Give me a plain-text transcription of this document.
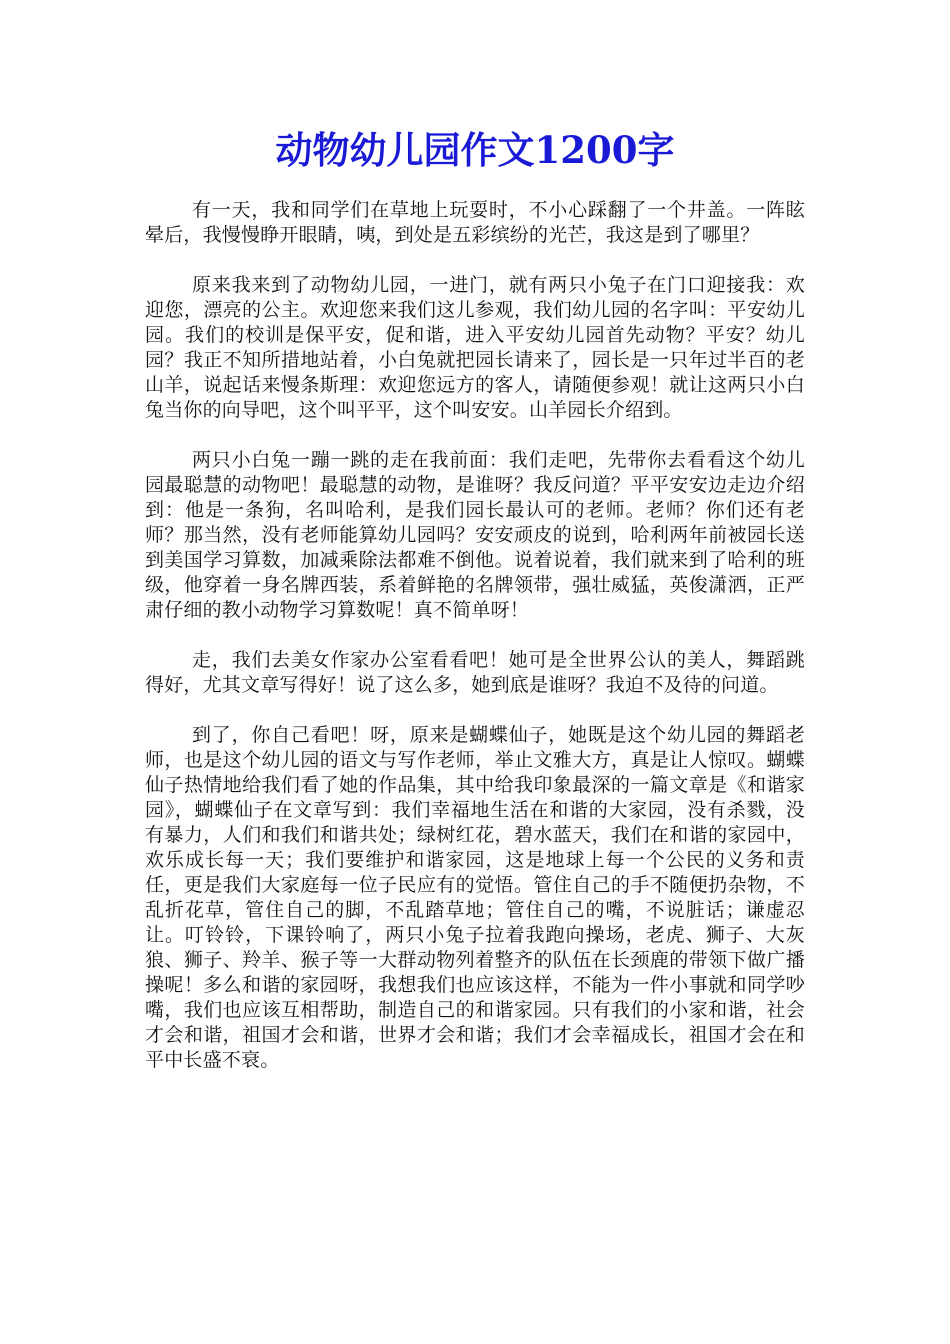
动物幼儿园作文1200字

有一天，我和同学们在草地上玩耍时，不小心踩翻了一个井盖。一阵眩晕后，我慢慢睁开眼睛，咦，到处是五彩缤纷的光芒，我这是到了哪里？

原来我来到了动物幼儿园，一进门，就有两只小兔子在门口迎接我：欢迎您，漂亮的公主。欢迎您来我们这儿参观，我们幼儿园的名字叫：平安幼儿园。我们的校训是保平安，促和谐，进入平安幼儿园首先动物？平安？幼儿园？我正不知所措地站着，小白兔就把园长请来了，园长是一只年过半百的老山羊，说起话来慢条斯理：欢迎您远方的客人，请随便参观！就让这两只小白兔当你的向导吧，这个叫平平，这个叫安安。山羊园长介绍到。

两只小白兔一蹦一跳的走在我前面：我们走吧，先带你去看看这个幼儿园最聪慧的动物吧！最聪慧的动物，是谁呀？我反问道？平平安安边走边介绍到：他是一条狗，名叫哈利，是我们园长最认可的老师。老师？你们还有老师？那当然，没有老师能算幼儿园吗？安安顽皮的说到，哈利两年前被园长送到美国学习算数，加减乘除法都难不倒他。说着说着，我们就来到了哈利的班级，他穿着一身名牌西装，系着鲜艳的名牌领带，强壮威猛，英俊潇洒，正严肃仔细的教小动物学习算数呢！真不简单呀！

走，我们去美女作家办公室看看吧！她可是全世界公认的美人，舞蹈跳得好，尤其文章写得好！说了这么多，她到底是谁呀？我迫不及待的问道。

到了，你自己看吧！呀，原来是蝴蝶仙子，她既是这个幼儿园的舞蹈老师，也是这个幼儿园的语文与写作老师，举止文雅大方，真是让人惊叹。蝴蝶仙子热情地给我们看了她的作品集，其中给我印象最深的一篇文章是《和谐家园》，蝴蝶仙子在文章写到：我们幸福地生活在和谐的大家园，没有杀戮，没有暴力，人们和我们和谐共处；绿树红花，碧水蓝天，我们在和谐的家园中，欢乐成长每一天；我们要维护和谐家园，这是地球上每一个公民的义务和责任，更是我们大家庭每一位子民应有的觉悟。管住自己的手不随便扔杂物，不乱折花草，管住自己的脚，不乱踏草地；管住自己的嘴，不说脏话；谦虚忍让。叮铃铃，下课铃响了，两只小兔子拉着我跑向操场，老虎、狮子、大灰狼、狮子、羚羊、猴子等一大群动物列着整齐的队伍在长颈鹿的带领下做广播操呢！多么和谐的家园呀，我想我们也应该这样，不能为一件小事就和同学吵嘴，我们也应该互相帮助，制造自己的和谐家园。只有我们的小家和谐，社会才会和谐，祖国才会和谐，世界才会和谐；我们才会幸福成长，祖国才会在和平中长盛不衰。
